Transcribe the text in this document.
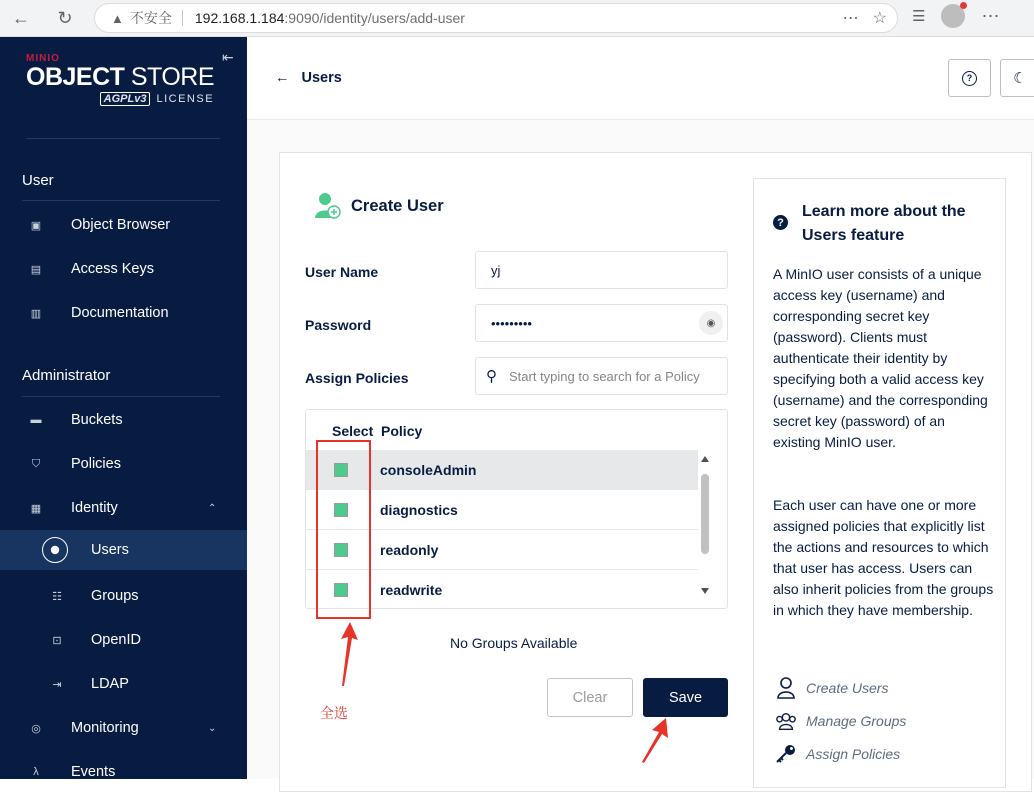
←	↻	▲ 不安全 192.168.1.184 :9090/identity/users/add-user	⋯ ☆ ☰	⋯
MINIO
OBJECT STORE
AGPLv3 LICENSE
⇤
User
▣ Object Browser
▤ Access Keys
▥ Documentation
Administrator
▬ Buckets
⛉ Policies
▦ Identity	⌃
Users
☷ Groups
⊡ OpenID
⇥ LDAP
◎ Monitoring	⌄
λ	Events
← Users	?	☾
Create User
User Name	yj
Password	•••••••••	◉
Assign Policies	⚲ Start typing to search for a Policy
Select Policy
consoleAdmin
diagnostics
readonly
readwrite
No Groups Available
Clear	Save
?
Learn more about the Users feature

A MinIO user consists of a unique access key (username) and corresponding secret key (password). Clients must authenticate their identity by specifying both a valid access key (username) and the corresponding secret key (password) of an existing MinIO user.

Each user can have one or more assigned policies that explicitly list the actions and resources to which that user has access. Users can also inherit policies from the groups in which they have membership.

Create Users
Manage Groups
Assign Policies
全选
